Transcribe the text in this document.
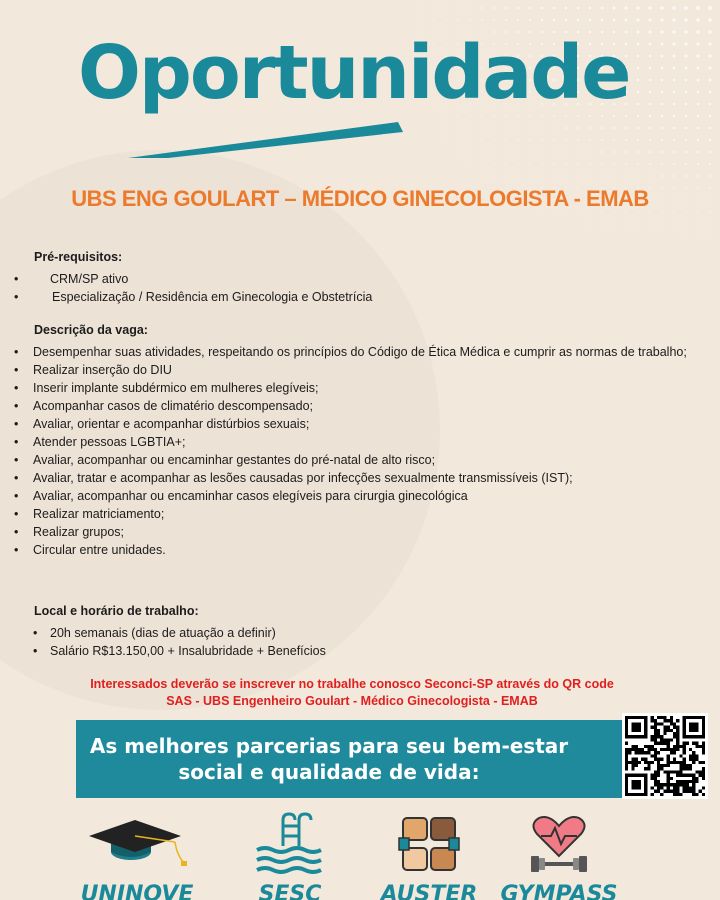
Oportunidade
UBS ENG GOULART – MÉDICO GINECOLOGISTA - EMAB
Pré-requisitos:
• CRM/SP ativo
• Especialização / Residência em Ginecologia e Obstetrícia
Descrição da vaga:
• Desempenhar suas atividades, respeitando os princípios do Código de Ética Médica e cumprir as normas de trabalho;
• Realizar inserção do DIU
• Inserir implante subdérmico em mulheres elegíveis;
• Acompanhar casos de climatério descompensado;
• Avaliar, orientar e acompanhar distúrbios sexuais;
• Atender pessoas LGBTIA+;
• Avaliar, acompanhar ou encaminhar gestantes do pré-natal de alto risco;
• Avaliar, tratar e acompanhar as lesões causadas por infecções sexualmente transmissíveis (IST);
• Avaliar, acompanhar ou encaminhar casos elegíveis para cirurgia ginecológica
• Realizar matriciamento;
• Realizar grupos;
• Circular entre unidades.
Local e horário de trabalho:
• 20h semanais (dias de atuação a definir)
• Salário R$13.150,00 + Insalubridade + Benefícios
Interessados deverão se inscrever no trabalhe conosco Seconci-SP através do QR code
SAS - UBS Engenheiro Goulart - Médico Ginecologista - EMAB
As melhores parcerias para seu bem-estar
social e qualidade de vida:
UNINOVE	SESC	AUSTER	GYMPASS
